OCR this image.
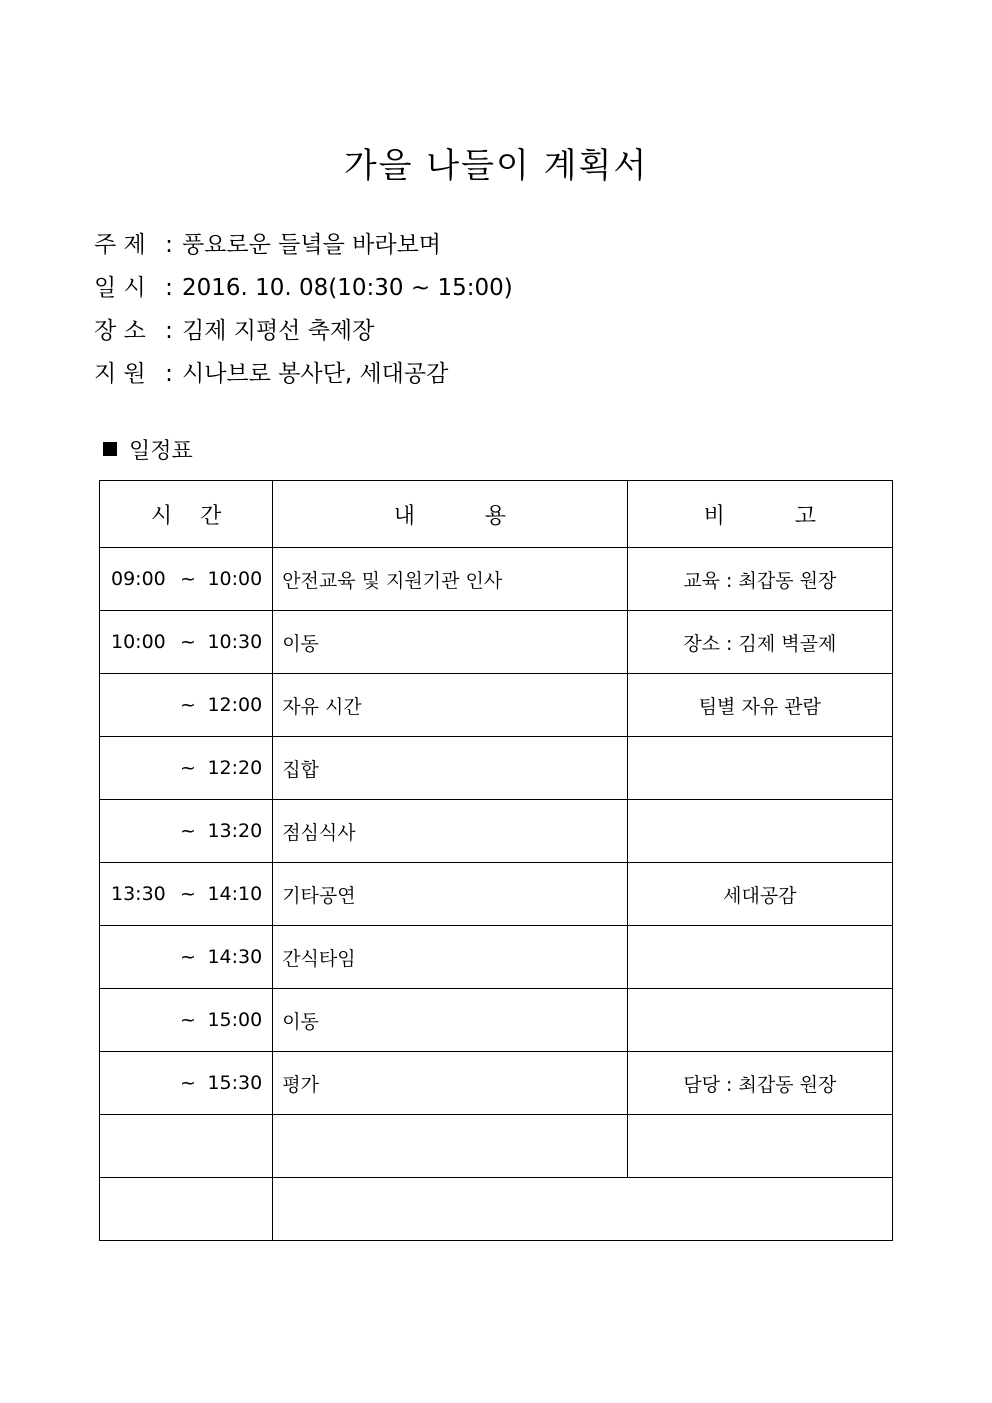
가을 나들이 계획서
주 제 : 풍요로운 들녘을 바라보며
일 시 : 2016. 10. 08(10:30 ~ 15:00)
장 소 : 김제 지평선 축제장
지 원 : 시나브로 봉사단, 세대공감
일정표
시    간	내          용	비          고

09:00 ~ 10:00	안전교육 및 지원기관 인사	교육 : 최갑동 원장

10:00 ~ 10:30	이동	장소 : 김제 벽골제

~ 12:00	자유 시간	팀별 자유 관람

~ 12:20	집합	

~ 13:20	점심식사	

13:30 ~ 14:10	기타공연	세대공감

~ 14:30	간식타임	

~ 15:00	이동	

~ 15:30	평가	담당 : 최갑동 원장
